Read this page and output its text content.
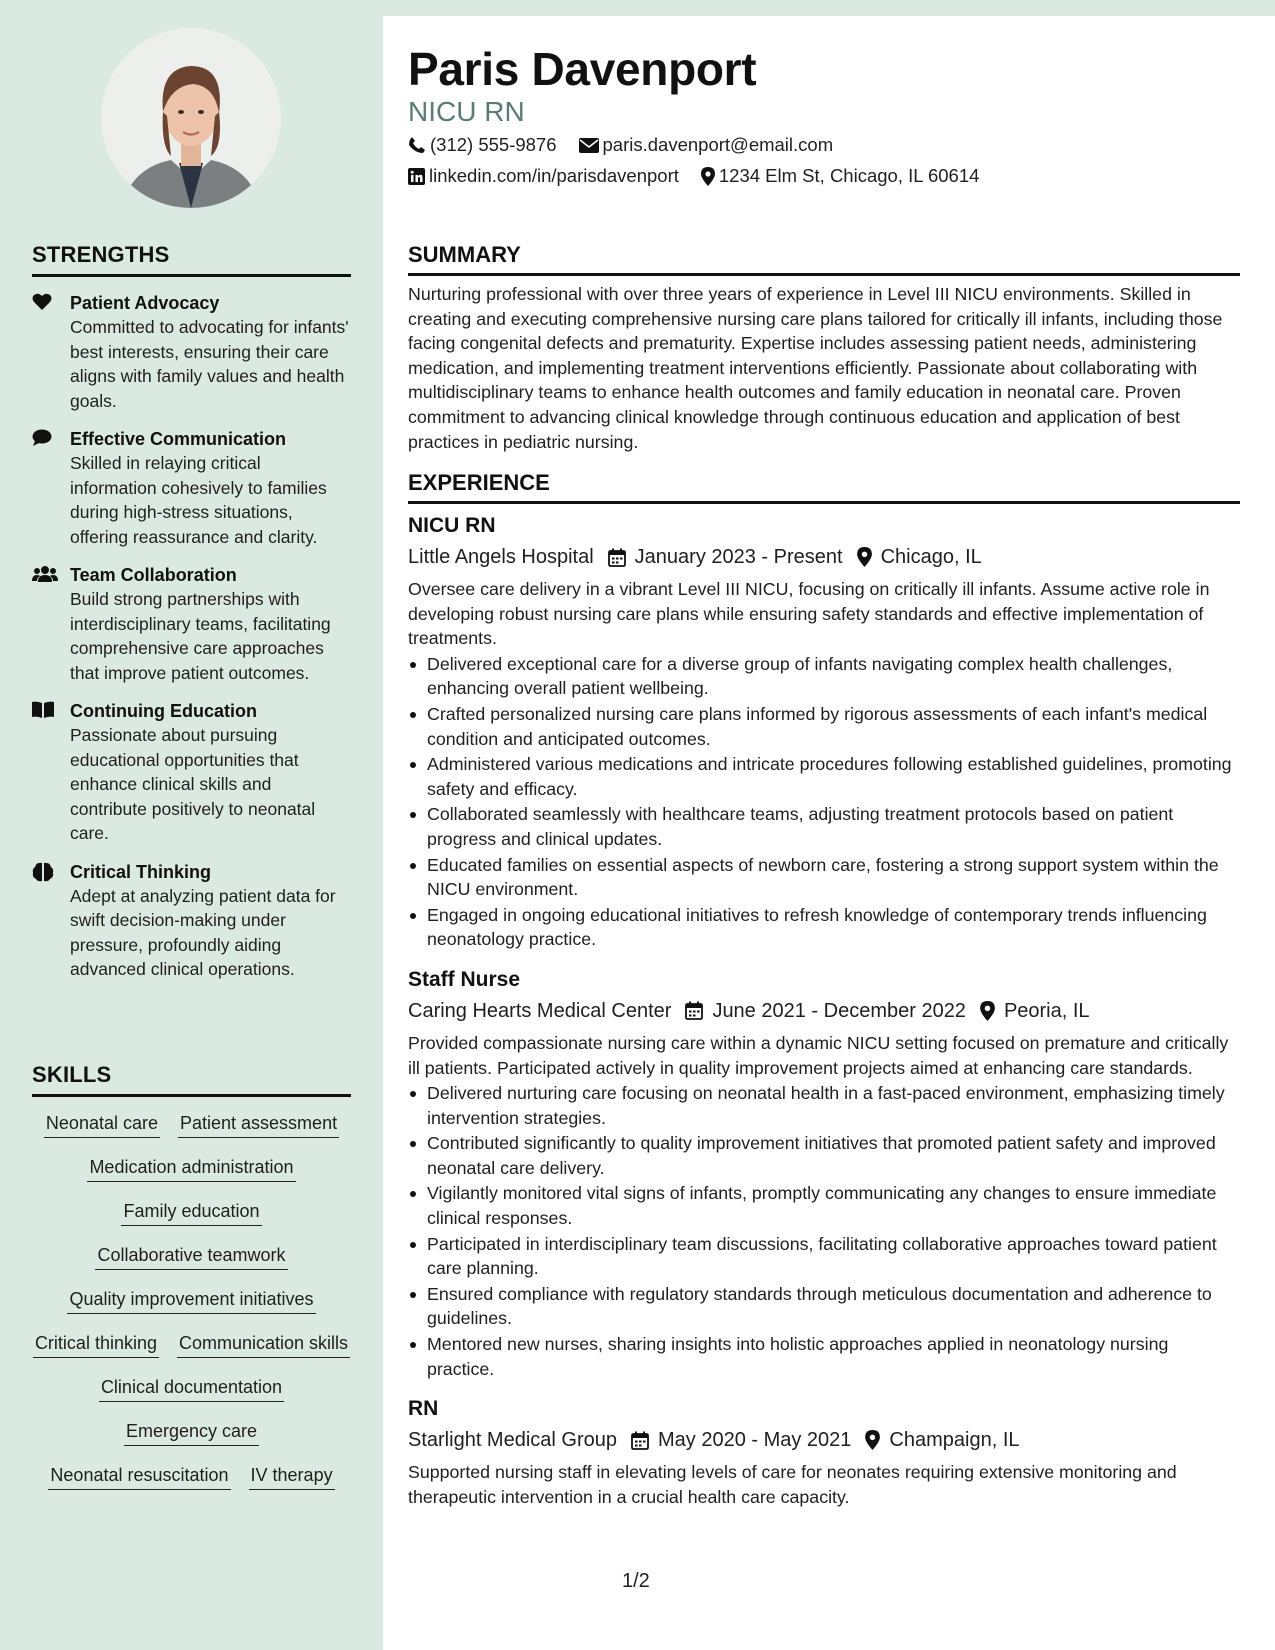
STRENGTHS
Patient Advocacy
Committed to advocating for infants' best interests, ensuring their care aligns with family values and health goals.
Effective Communication
Skilled in relaying critical information cohesively to families during high-stress situations, offering reassurance and clarity.
Team Collaboration
Build strong partnerships with interdisciplinary teams, facilitating comprehensive care approaches that improve patient outcomes.
Continuing Education
Passionate about pursuing educational opportunities that enhance clinical skills and contribute positively to neonatal care.
Critical Thinking
Adept at analyzing patient data for swift decision-making under pressure, profoundly aiding advanced clinical operations.
SKILLS
Neonatal care Patient assessment
Medication administration
Family education
Collaborative teamwork
Quality improvement initiatives
Critical thinking Communication skills
Clinical documentation
Emergency care
Neonatal resuscitation IV therapy
Paris Davenport
NICU RN
(312) 555-9876 paris.davenport@email.com
linkedin.com/in/parisdavenport 1234 Elm St, Chicago, IL 60614
SUMMARY

Nurturing professional with over three years of experience in Level III NICU environments. Skilled in creating and executing comprehensive nursing care plans tailored for critically ill infants, including those facing congenital defects and prematurity. Expertise includes assessing patient needs, administering medication, and implementing treatment interventions efficiently. Passionate about collaborating with multidisciplinary teams to enhance health outcomes and family education in neonatal care. Proven commitment to advancing clinical knowledge through continuous education and application of best practices in pediatric nursing.

EXPERIENCE
NICU RN
Little Angels Hospital January 2023 - Present Chicago, IL

Oversee care delivery in a vibrant Level III NICU, focusing on critically ill infants. Assume active role in developing robust nursing care plans while ensuring safety standards and effective implementation of treatments.

Delivered exceptional care for a diverse group of infants navigating complex health challenges, enhancing overall patient wellbeing.
Crafted personalized nursing care plans informed by rigorous assessments of each infant's medical condition and anticipated outcomes.
Administered various medications and intricate procedures following established guidelines, promoting safety and efficacy.
Collaborated seamlessly with healthcare teams, adjusting treatment protocols based on patient progress and clinical updates.
Educated families on essential aspects of newborn care, fostering a strong support system within the NICU environment.
Engaged in ongoing educational initiatives to refresh knowledge of contemporary trends influencing neonatology practice.
Staff Nurse
Caring Hearts Medical Center June 2021 - December 2022 Peoria, IL

Provided compassionate nursing care within a dynamic NICU setting focused on premature and critically ill patients. Participated actively in quality improvement projects aimed at enhancing care standards.

Delivered nurturing care focusing on neonatal health in a fast-paced environment, emphasizing timely intervention strategies.
Contributed significantly to quality improvement initiatives that promoted patient safety and improved neonatal care delivery.
Vigilantly monitored vital signs of infants, promptly communicating any changes to ensure immediate clinical responses.
Participated in interdisciplinary team discussions, facilitating collaborative approaches toward patient care planning.
Ensured compliance with regulatory standards through meticulous documentation and adherence to guidelines.
Mentored new nurses, sharing insights into holistic approaches applied in neonatology nursing practice.
RN
Starlight Medical Group May 2020 - May 2021 Champaign, IL

Supported nursing staff in elevating levels of care for neonates requiring extensive monitoring and therapeutic intervention in a crucial health care capacity.

1/2
